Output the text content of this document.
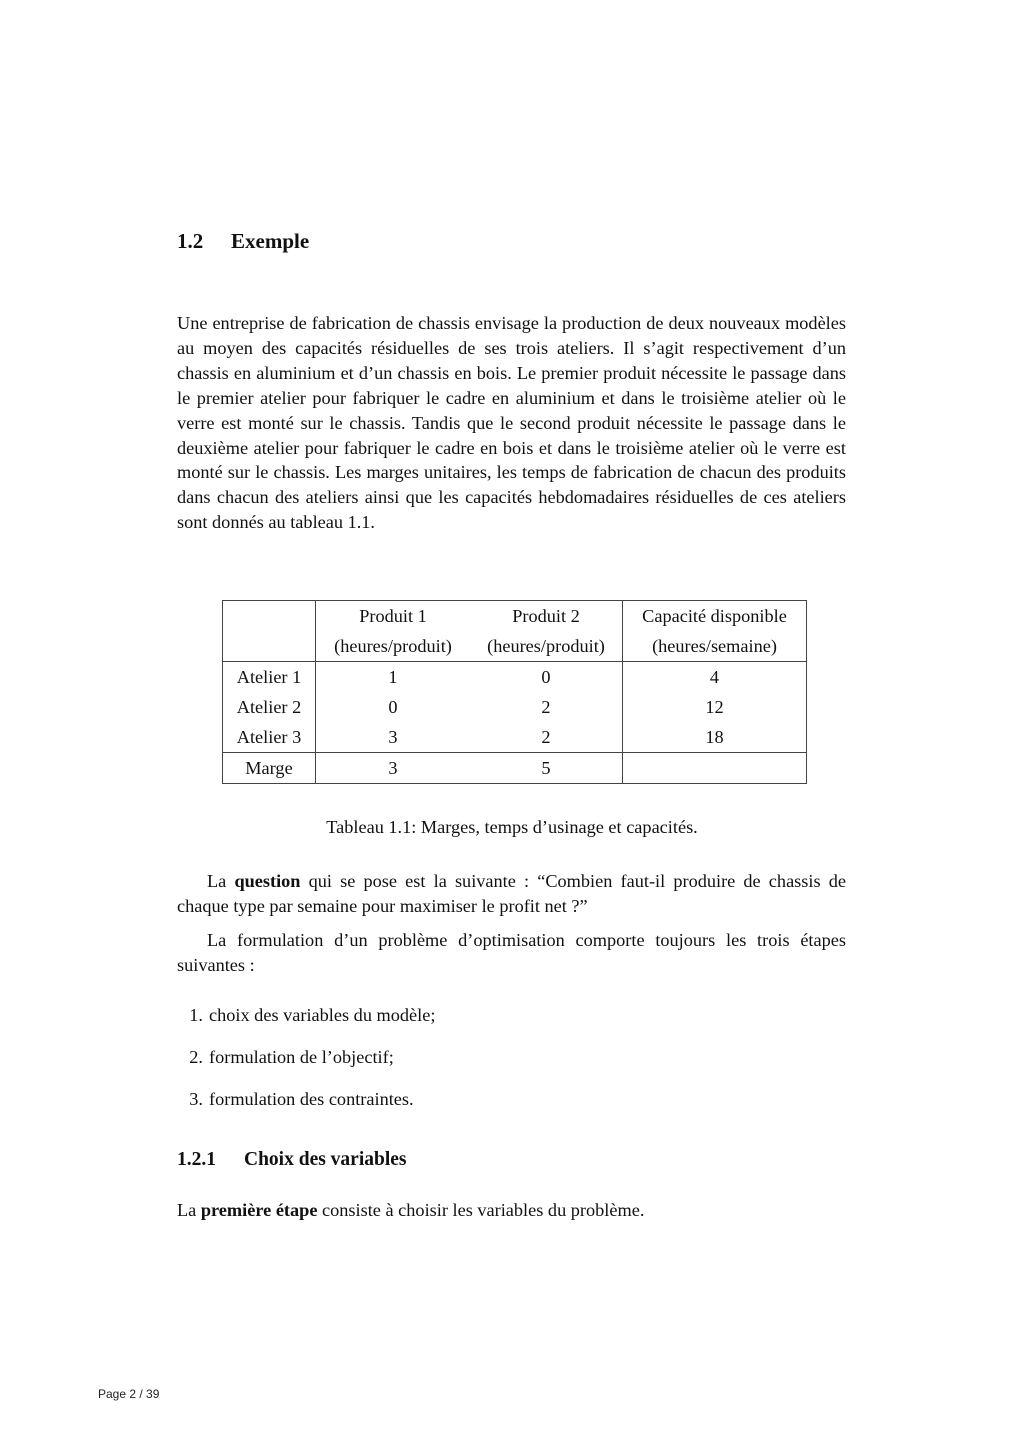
1.2 Exemple

Une entreprise de fabrication de chassis envisage la production de deux nouveaux modèles au moyen des capacités résiduelles de ses trois ateliers. Il s’agit respectivement d’un chassis en aluminium et d’un chassis en bois. Le premier produit nécessite le passage dans le premier atelier pour fabriquer le cadre en aluminium et dans le troisième atelier où le verre est monté sur le chassis. Tandis que le second produit nécessite le passage dans le deuxième atelier pour fabriquer le cadre en bois et dans le troisième atelier où le verre est monté sur le chassis. Les marges unitaires, les temps de fabrication de chacun des produits dans chacun des ateliers ainsi que les capacités hebdomadaires résiduelles de ces ateliers sont donnés au tableau 1.1.

	Produit 1	Produit 2	Capacité disponible
	(heures/produit)	(heures/produit)	(heures/semaine)
Atelier 1	1	0	4
Atelier 2	0	2	12
Atelier 3	3	2	18
Marge	3	5	
Tableau 1.1: Marges, temps d’usinage et capacités.

La question qui se pose est la suivante : “Combien faut-il produire de chassis de chaque type par semaine pour maximiser le profit net ?”

La formulation d’un problème d’optimisation comporte toujours les trois étapes suivantes :

1. choix des variables du modèle;
2. formulation de l’objectif;
3. formulation des contraintes.
1.2.1 Choix des variables

La première étape consiste à choisir les variables du problème.

Page 2 / 39
